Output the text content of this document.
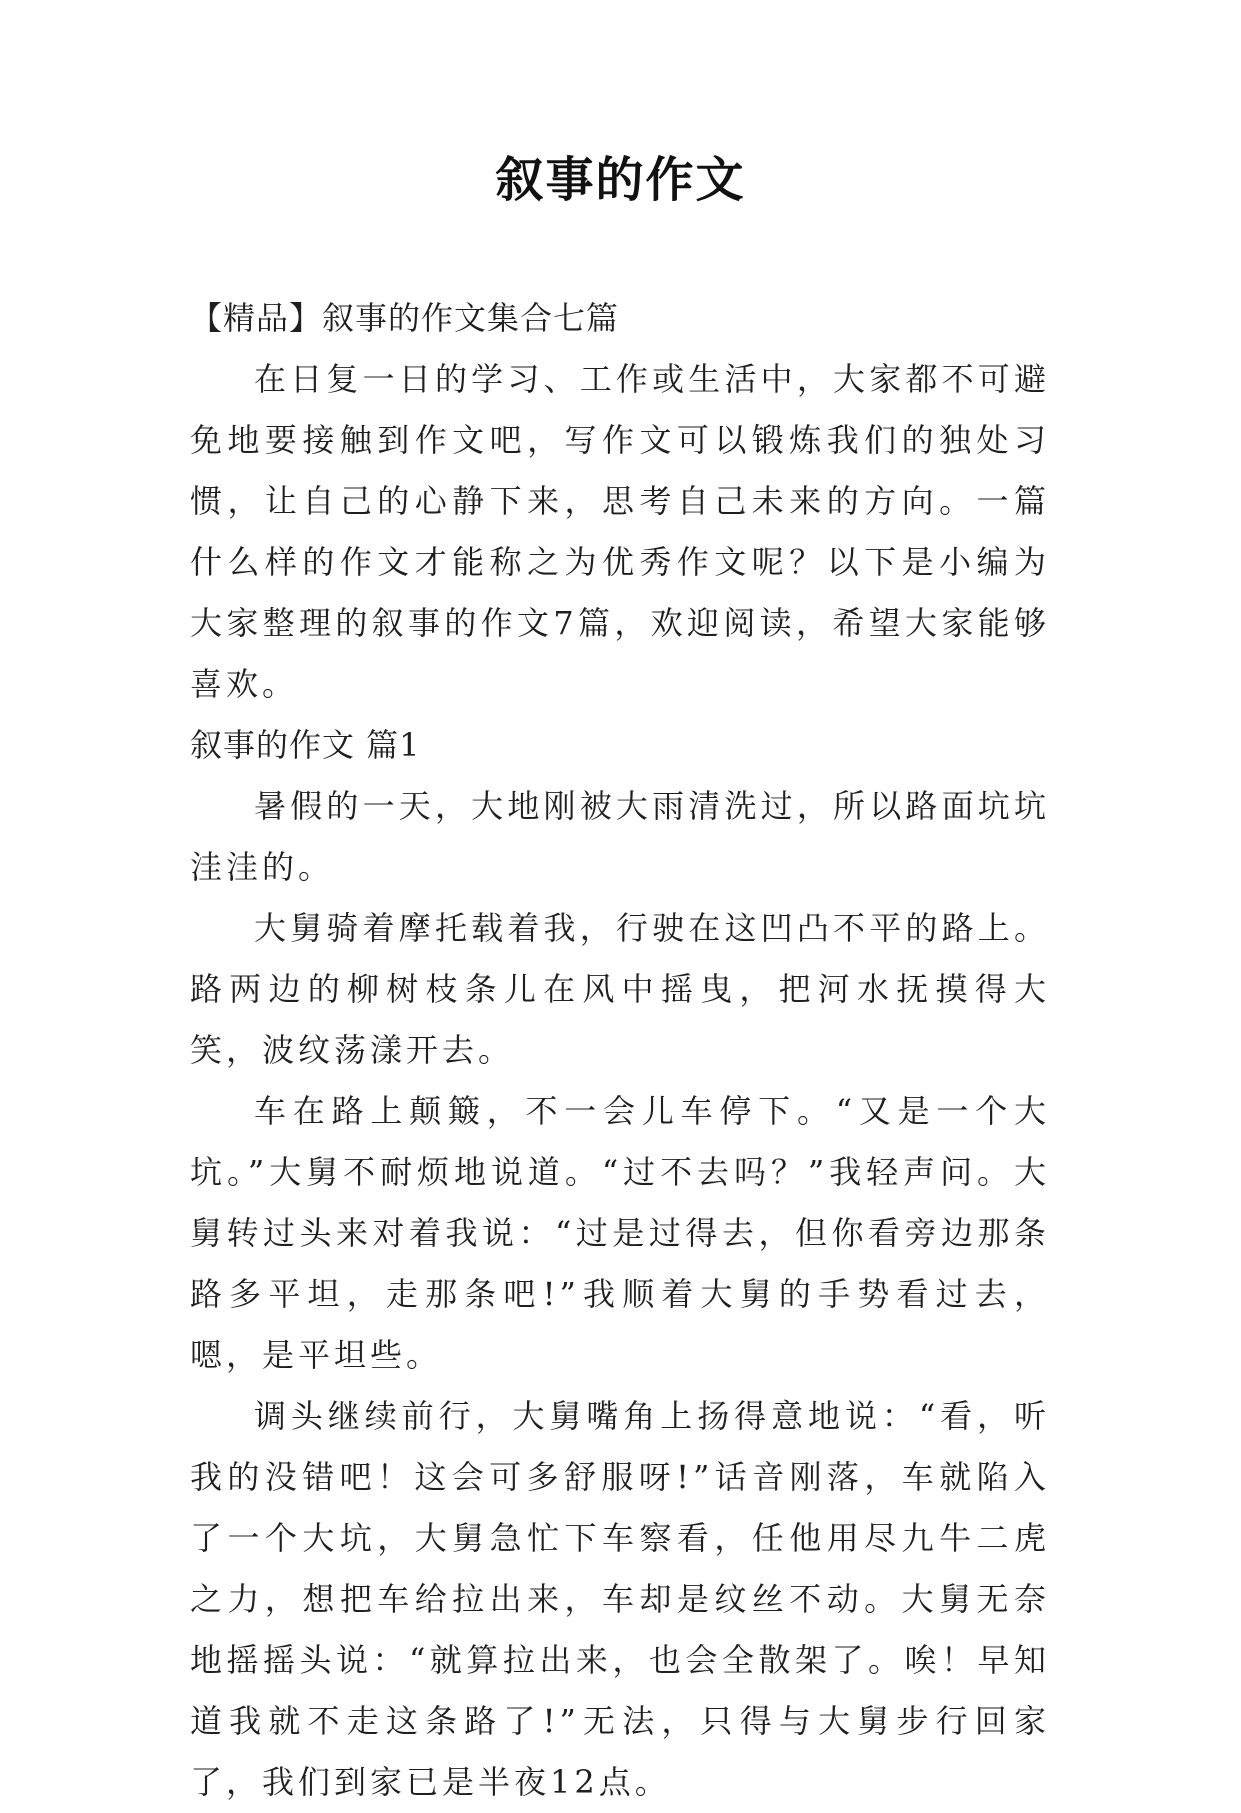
叙事的作文

【精品】叙事的作文集合七篇

在日复一日的学习、工作或生活中，大家都不可避免地要接触到作文吧，写作文可以锻炼我们的独处习惯，让自己的心静下来，思考自己未来的方向。一篇什么样的作文才能称之为优秀作文呢？以下是小编为大家整理的叙事的作文7篇，欢迎阅读，希望大家能够喜欢。

叙事的作文 篇1

暑假的一天，大地刚被大雨清洗过，所以路面坑坑洼洼的。

大舅骑着摩托载着我，行驶在这凹凸不平的路上。路两边的柳树枝条儿在风中摇曳，把河水抚摸得大笑，波纹荡漾开去。

车在路上颠簸，不一会儿车停下。“又是一个大坑。”大舅不耐烦地说道。“过不去吗？”我轻声问。大舅转过头来对着我说：“过是过得去，但你看旁边那条路多平坦，走那条吧!”我顺着大舅的手势看过去，嗯，是平坦些。

调头继续前行，大舅嘴角上扬得意地说：“看，听我的没错吧！这会可多舒服呀!”话音刚落，车就陷入了一个大坑，大舅急忙下车察看，任他用尽九牛二虎之力，想把车给拉出来，车却是纹丝不动。大舅无奈地摇摇头说：“就算拉出来，也会全散架了。唉！早知道我就不走这条路了!”无法，只得与大舅步行回家了，我们到家已是半夜12点。
